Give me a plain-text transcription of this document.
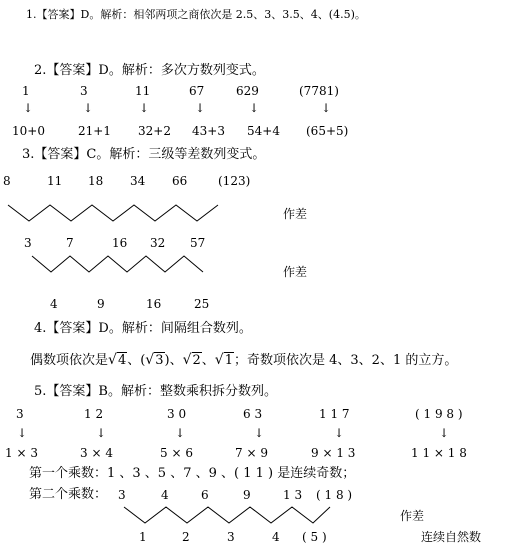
1.【答案】D。解析：相邻两项之商依次是 2.5、3、3.5、4、(4.5)。
2.【答案】D。解析：多次方数列变式。
1	3	11	67	629	(7781)
↓	↓	↓	↓	↓	↓
10+0	21+1 32+2 43+3 54+4 (65+5)
3.【答案】C。解析：三级等差数列变式。
8	11 18 34 66	(123)
作差
3	7	16 32 57
作差
4	9	16	25
4.【答案】D。解析：间隔组合数列。
偶数项依次是√4、(√3)、√2、√1；奇数项依次是 4、3、2、1 的立方。
5.【答案】B。解析：整数乘积拆分数列。
3	1 2	3 0	6 3	1 1 7	( 1 9 8 )
↓	↓	↓	↓	↓	↓
1 × 3	3 × 4	5 × 6	7 × 9	9 × 1 3	1 1 × 1 8
第一个乘数：1 、3 、5 、7 、9 、( 1 1 ) 是连续奇数；
第二个乘数： 3	4	6	9	1 3 ( 1 8 )
作差
1	2	3	4 ( 5 )	连续自然数
